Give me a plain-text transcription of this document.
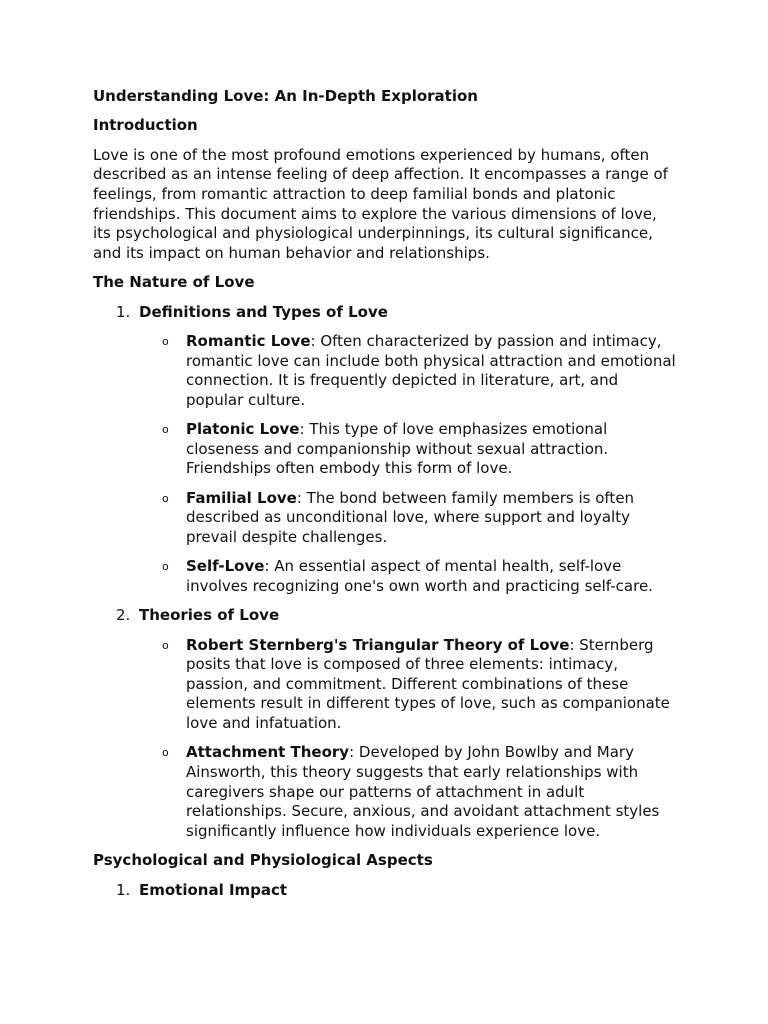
Understanding Love: An In-Depth Exploration
Introduction
Love is one of the most profound emotions experienced by humans, often described as an intense feeling of deep affection. It encompasses a range of feelings, from romantic attraction to deep familial bonds and platonic friendships. This document aims to explore the various dimensions of love, its psychological and physiological underpinnings, its cultural significance, and its impact on human behavior and relationships.
The Nature of Love
1. Definitions and Types of Love
o Romantic Love: Often characterized by passion and intimacy, romantic love can include both physical attraction and emotional connection. It is frequently depicted in literature, art, and popular culture.
o Platonic Love: This type of love emphasizes emotional closeness and companionship without sexual attraction. Friendships often embody this form of love.
o Familial Love: The bond between family members is often described as unconditional love, where support and loyalty prevail despite challenges.
o Self-Love: An essential aspect of mental health, self-love involves recognizing one's own worth and practicing self-care.
2. Theories of Love
o Robert Sternberg's Triangular Theory of Love: Sternberg posits that love is composed of three elements: intimacy, passion, and commitment. Different combinations of these elements result in different types of love, such as companionate love and infatuation.
o Attachment Theory: Developed by John Bowlby and Mary Ainsworth, this theory suggests that early relationships with caregivers shape our patterns of attachment in adult relationships. Secure, anxious, and avoidant attachment styles significantly influence how individuals experience love.
Psychological and Physiological Aspects
1. Emotional Impact
